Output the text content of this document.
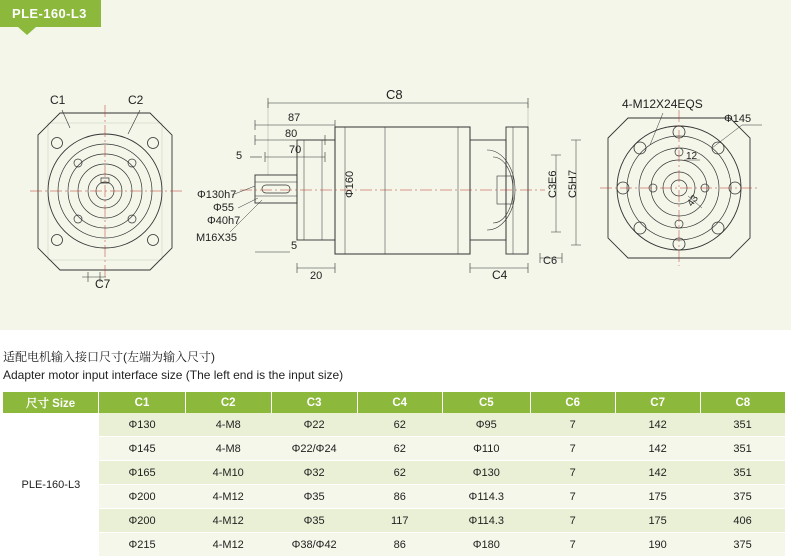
PLE-160-L3
C1	C2
C7
C8
87
80
70
5
5
20
Φ130h7
Φ55
Φ40h7
M16X35
Φ160	C3E6 C5H7
C4
C6
4-M12X24EQS
Φ145
12
43
适配电机输入接口尺寸(左端为输入尺寸)
Adapter motor input interface size (The left end is the input size)
尺寸 Size	C1	C2	C3	C4	C5	C6	C7	C8
PLE-160-L3	Φ130	4-M8	Φ22	62	Φ95	7	142	351
	Φ145	4-M8	Φ22/Φ24	62	Φ110	7	142	351
	Φ165	4-M10	Φ32	62	Φ130	7	142	351
	Φ200	4-M12	Φ35	86	Φ114.3	7	175	375
	Φ200	4-M12	Φ35	117	Φ114.3	7	175	406
	Φ215	4-M12	Φ38/Φ42	86	Φ180	7	190	375
